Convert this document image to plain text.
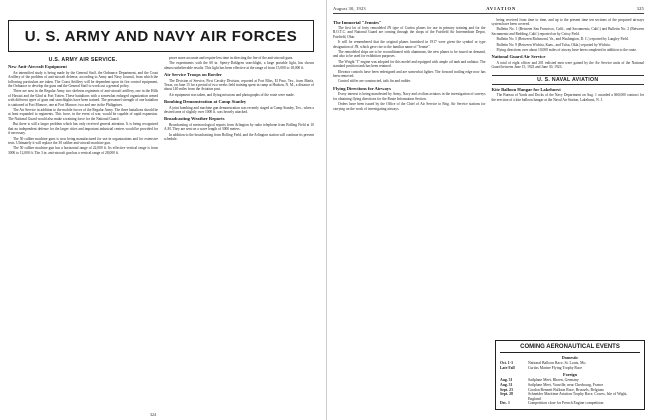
U. S. ARMY AND NAVY AIR FORCES
U.S. ARMY AIR SERVICE.
New Anti-Aircraft Equipment

An intensified study is being made by the General Staff, the Ordnance Department, and the Coast Artillery of the problem of anti-aircraft defense, according to Army and Navy Journal, from which the following particulars are taken. The Coast Artillery will be dependent upon its fire control equipment, the Ordnance to develop the guns and the General Staff to work out a general policy.

There are now in the Regular Army two skeleton regiments of anti-aircraft artillery, one in the Hills of Hawaii and the 62nd at Fort Totten. These battalions with a somewhat enlarged organization armed with different types of guns and searchlights have been trained. The personnel strength of one battalion is stationed at Fort Monroe, one at Fort Monroe, two and one in the Philippines.

The Air Service in addition to the mobile forces of the Regular Army. The three battalions should be at least expanded to regiments. This force, in the event of war, would be capable of rapid expansion. The National Guard would also make a training force for the National Guard.

But there is still a larger problem which has only received general attention. It is being recognized that no independent defense for the larger cities and important industrial centers would be provided for if necessary.

The 50 caliber machine guns is now being manufactured for use in organizations and for extensive tests. Ultimately it will replace the 30 caliber anti-aircraft machine gun.

The 50 caliber machine gun has a horizontal range of 22,000 ft. Its effective vertical range is from 3000 to 12,000 ft. The 3 in. anti-aircraft gun has a vertical range of 28,000 ft.

prove more accurate and require less time in directing the fire of the anti-aircraft guns.

The experiments with the 60 in. Sperry-Dahlgren searchlight, a large portable light, has shown almost unbelievable results. This light has been effective at the range of from 15,000 to 18,000 ft.

Air Service Troops on Border

The Division of Service, First Cavalry Division, reported at Fort Bliss, El Paso, Tex., from Marfa, Texas, on June 15 for a period of two weeks field training spent in camp at Hudson, N. M., a distance of about 140 miles from the Aviation post.

Air equipment was taken, and flying missions and photographs of the route were made.

Bombing Demonstration at Camp Stanley

A joint bombing and machine gun demonstration was recently staged at Camp Stanley, Tex., when a desired area of slightly over 1000 ft. was heavily attacked.

Broadcasting Weather Reports

Broadcasting of meteorological reports from Arlington by radio telephone from Bolling Field at 10 A.M. They are sent on a wave length of 3000 meters.

In addition to the broadcasting from Bolling Field, and the Arlington station will continue its present schedule.

324
August 30, 1923	AVIATION	325
The Immortal "Jennies"

The first lot of forty remodeled JN type of Curtiss planes for use in primary training and for the R.O.T.C. and National Guard are coming through the shops of the Fairfield Air Intermediate Depot, Fairfield, Ohio.

It will be remembered that the original planes furnished in 1917 were given the symbol or type designation of JN, which gave rise to the familiar name of "Jennie".

The remodeled ships are to be reconditioned with aluminum, the new planes to be issued on demand, and also to be used for exhibition purposes.

The Wright "I" engine was adopted for this model and equipped with ample oil tank and radiator. The standard position tank has been retained.

Elevator controls have been redesigned and are somewhat lighter. The forward trailing edge now has been removed.

Control stiffer are constructed, tails fin and rudder.

Flying Directions for Airways

Every interest is being manifested by Army, Navy and civilian aviators in the investigation of surveys for obtaining flying directions for the Route Information Section.

Orders have been issued by the Office of the Chief of Air Service to Brig. Air Service stations for carrying on the work of investigating airways.

being received from time to time, and up to the present time ten sections of the proposed airways system have been covered.

Bulletin No. 1 (Between San Francisco, Calif., and Sacramento, Calif.) and Bulletin No. 2 (Between Sacramento and Redding, Calif.) reported on by Crissy Field.

Bulletin No. 5 (Between Richmond, Va., and Washington, D. C.) reported by Langley Field.

Bulletin No. 9 (Between Wichita, Kans., and Tulsa, Okla.) reported by Wichita.

Flying directions over about 10,000 miles of airway have been completed in addition to the route.

National Guard Air Service

A total of eight officer and 201 enlisted men were gained by the Air Service units of the National Guard between June 15, 1923 and June 30, 1923.

U. S. NAVAL AVIATION
Kite Balloon Hangar for Lakehurst

The Bureau of Yards and Docks of the Navy Department on Aug. 1 awarded a $60,000 contract for the erection of a kite balloon hangar at the Naval Air Station, Lakehurst, N. J.

COMING AERONAUTICAL EVENTS
Domestic
Oct. 1-3	National Balloon Race, St. Louis, Mo.
Late Fall	Curtiss Marine Flying Trophy Race
Foreign
Aug. 31	Sailplane Meet, Rhoen, Germany
Aug. 31	Sailplane Meet, Vauville, near Cherbourg, France
Sept. 23	Gordon Bennett Balloon Race, Brussels, Belgium
Sept. 28	Schneider Maritime Aviation Trophy Race, Cowes, Isle of Wight, England
Dec. 1	Competition close for French Engine competition
